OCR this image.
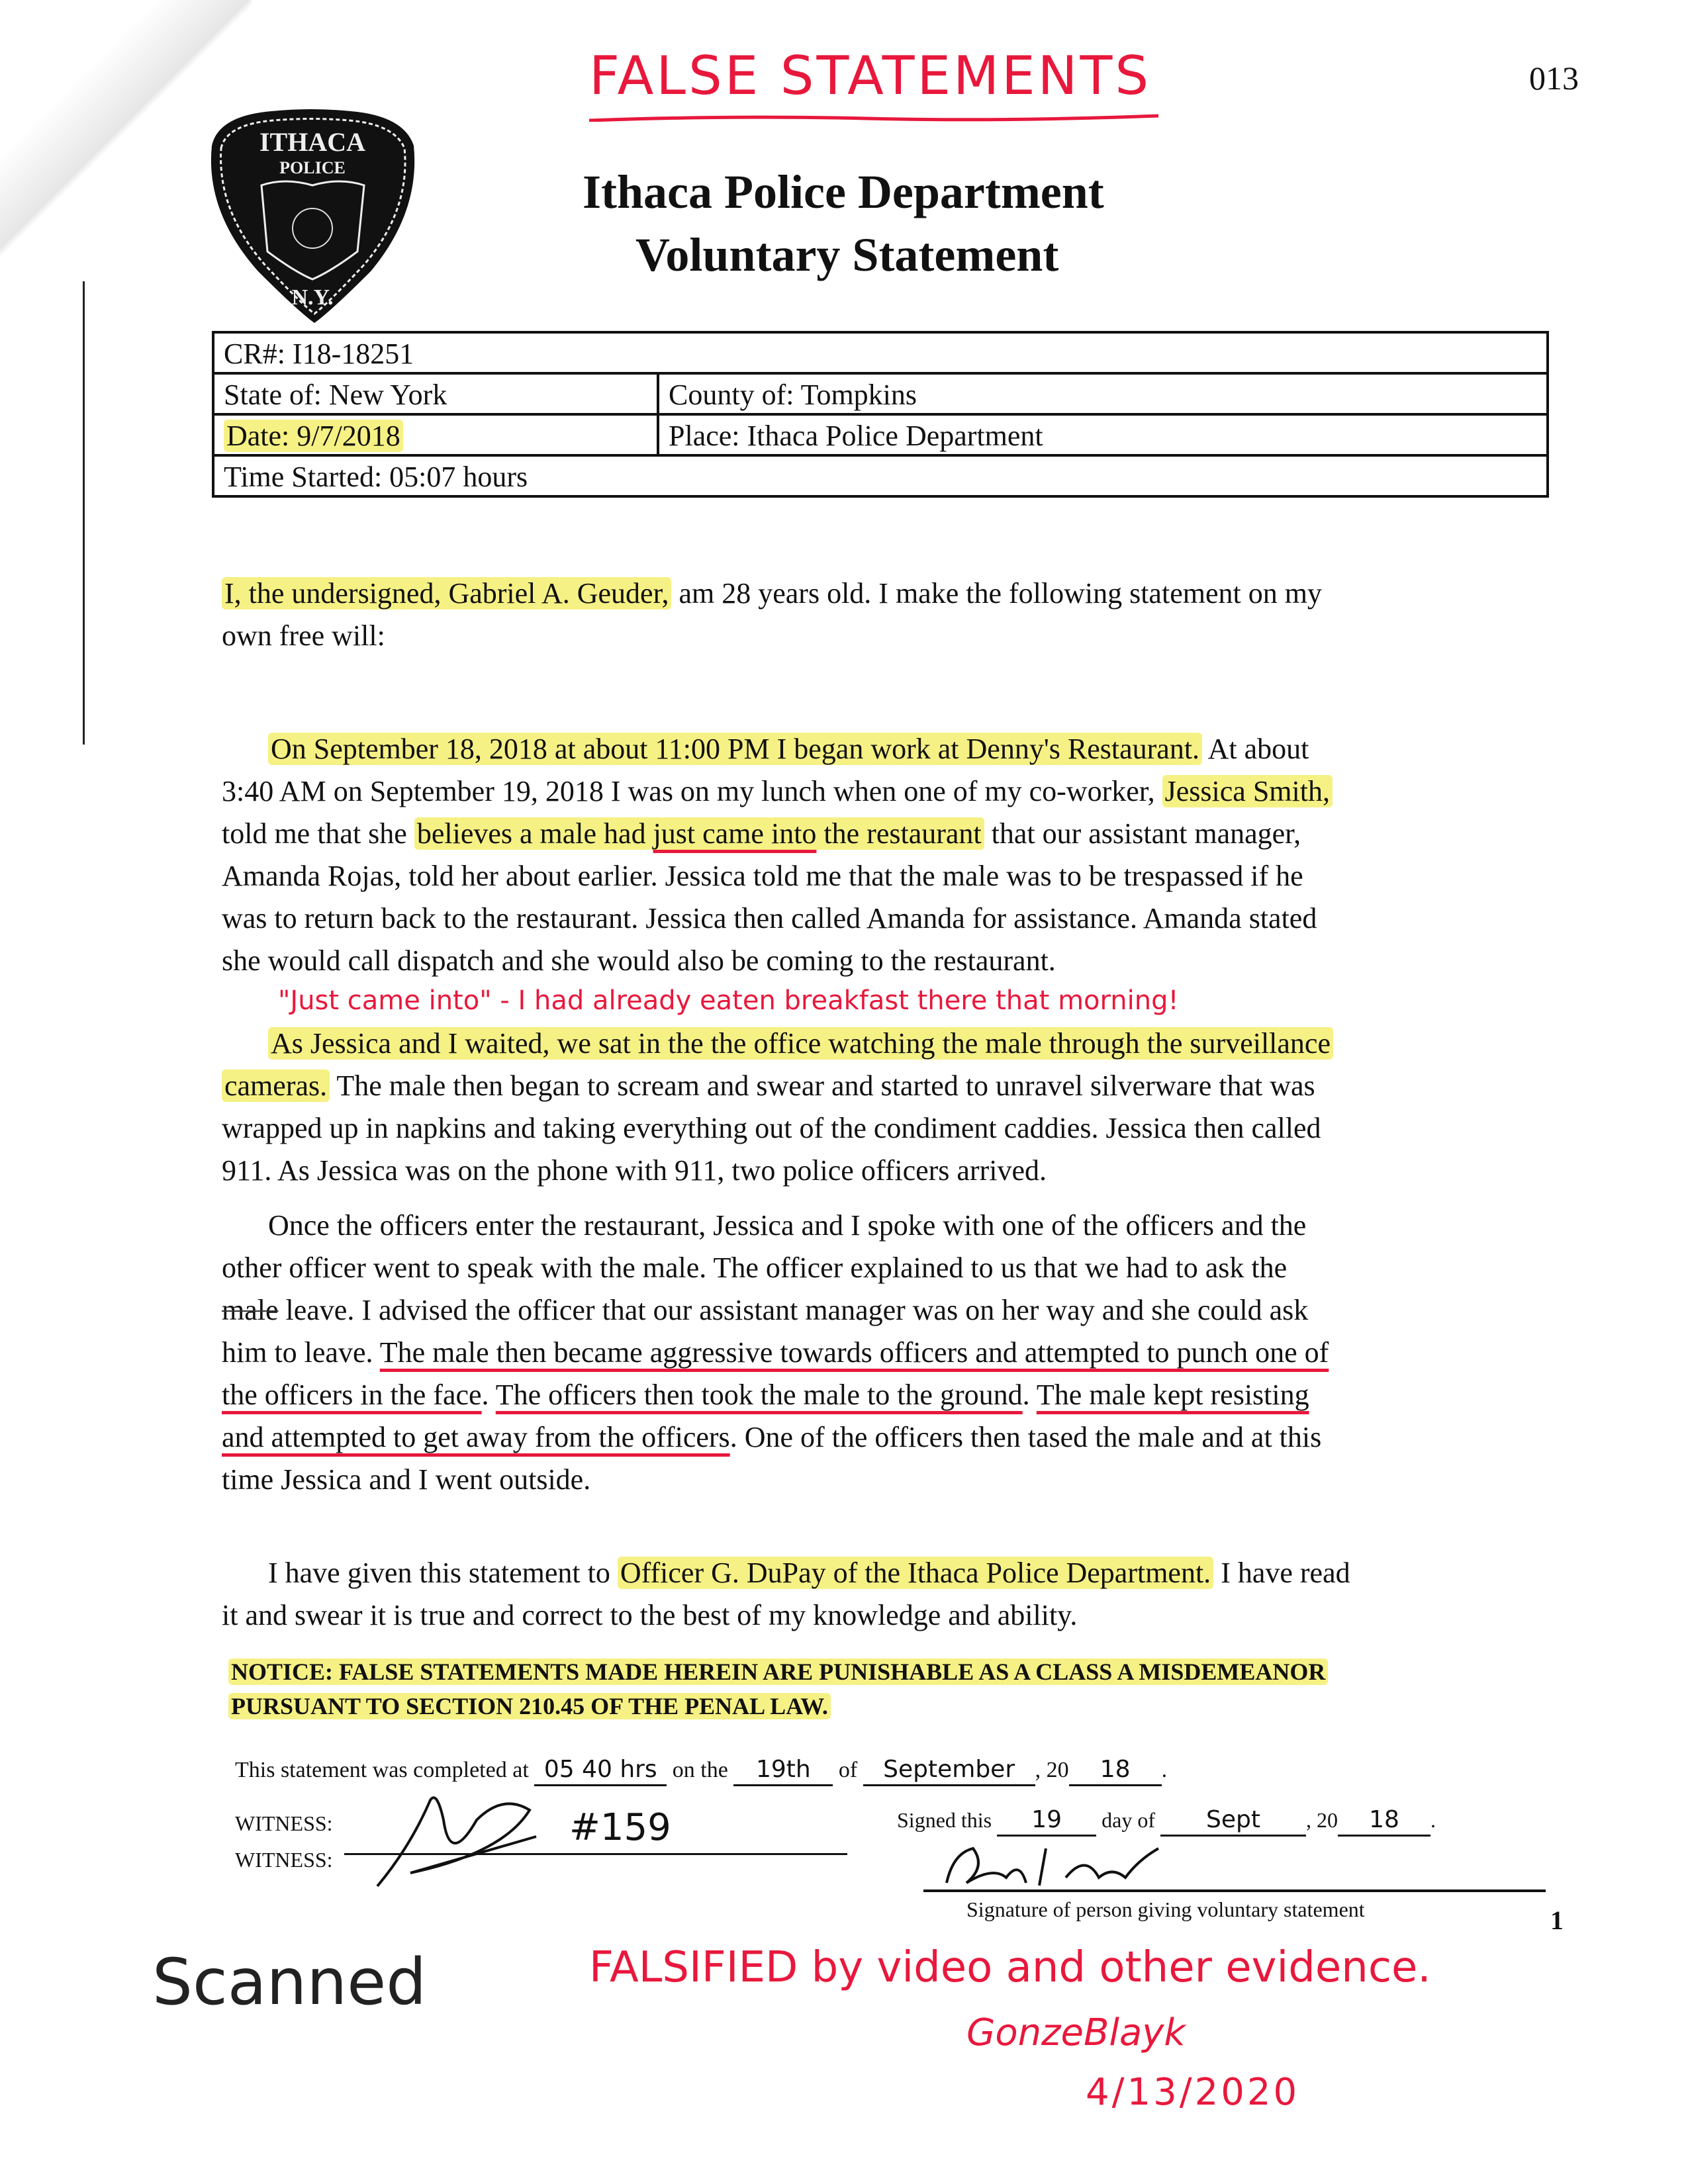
013
FALSE STATEMENTS
ITHACA
POLICE
N.Y.
Ithaca Police Department
Voluntary Statement
CR#: I18-18251	
State of: New York	County of: Tompkins
Date: 9/7/2018	Place: Ithaca Police Department
Time Started: 05:07 hours	
I, the undersigned, Gabriel A. Geuder, am 28 years old. I make the following statement on my
own free will:
On September 18, 2018 at about 11:00 PM I began work at Denny's Restaurant. At about
3:40 AM on September 19, 2018 I was on my lunch when one of my co-worker, Jessica Smith,
told me that she believes a male had just came into the restaurant that our assistant manager,
Amanda Rojas, told her about earlier. Jessica told me that the male was to be trespassed if he
was to return back to the restaurant. Jessica then called Amanda for assistance. Amanda stated
she would call dispatch and she would also be coming to the restaurant.
"Just came into" - I had already eaten breakfast there that morning!
As Jessica and I waited, we sat in the the office watching the male through the surveillance
cameras. The male then began to scream and swear and started to unravel silverware that was
wrapped up in napkins and taking everything out of the condiment caddies. Jessica then called
911. As Jessica was on the phone with 911, two police officers arrived.
Once the officers enter the restaurant, Jessica and I spoke with one of the officers and the
other officer went to speak with the male. The officer explained to us that we had to ask the
male leave. I advised the officer that our assistant manager was on her way and she could ask
him to leave. The male then became aggressive towards officers and attempted to punch one of
the officers in the face. The officers then took the male to the ground. The male kept resisting
and attempted to get away from the officers. One of the officers then tased the male and at this
time Jessica and I went outside.
I have given this statement to Officer G. DuPay of the Ithaca Police Department. I have read
it and swear it is true and correct to the best of my knowledge and ability.
NOTICE: FALSE STATEMENTS MADE HEREIN ARE PUNISHABLE AS A CLASS A MISDEMEANOR
PURSUANT TO SECTION 210.45 OF THE PENAL LAW.
This statement was completed at 05 40 hrs on the 19th of September , 20 18 .
WITNESS:	#159
WITNESS:
Signed this 19 day of Sept , 20 18 .
Signature of person giving voluntary statement	1
Scanned	FALSIFIED by video and other evidence.
GonzeBlayk
4/13/2020
